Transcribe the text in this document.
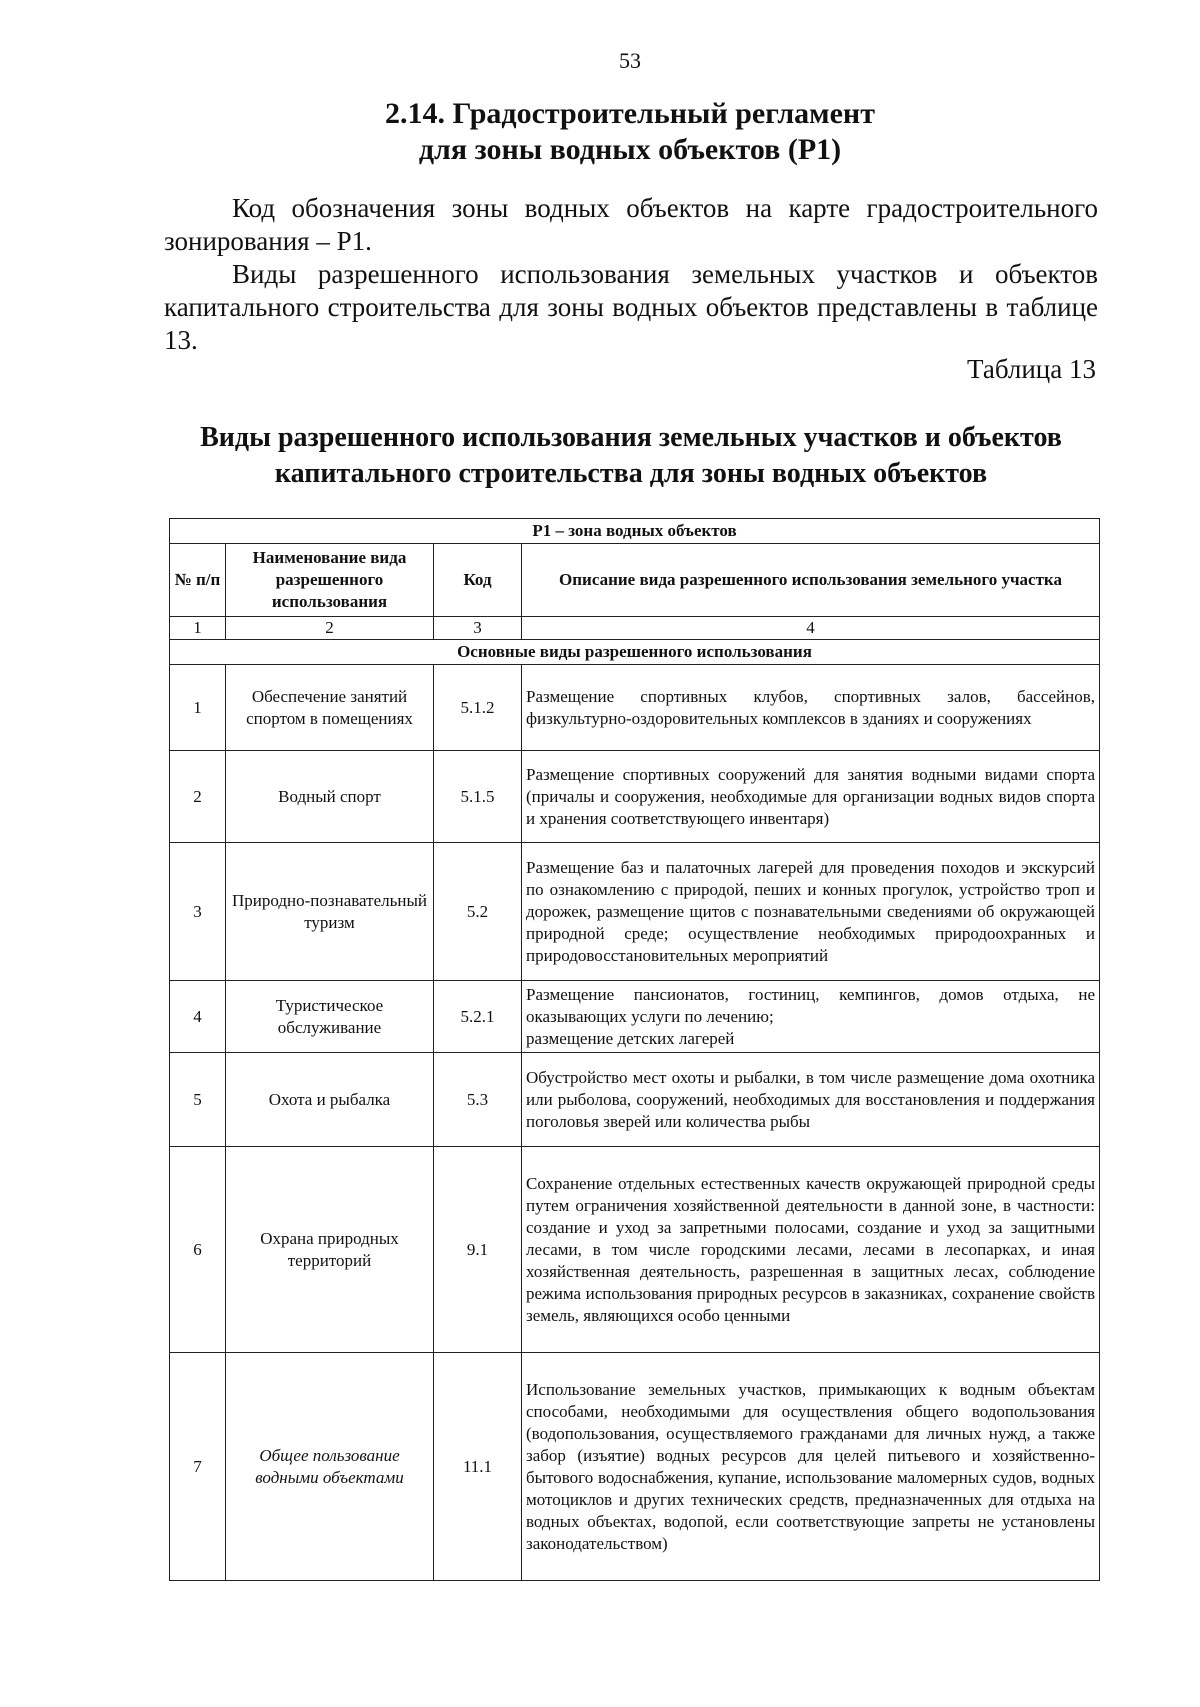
53
2.14. Градостроительный регламент
для зоны водных объектов (Р1)
Код обозначения зоны водных объектов на карте градостроительного зонирования – Р1.
Виды разрешенного использования земельных участков и объектов капитального строительства для зоны водных объектов представлены в таблице 13.
Таблица 13
Виды разрешенного использования земельных участков и объектов
капитального строительства для зоны водных объектов
Р1 – зона водных объектов			
№ п/п	Наименование вида разрешенного использования	Код	Описание вида разрешенного использования земельного участка
1	2	3	4
Основные виды разрешенного использования			
1	Обеспечение занятий спортом в помещениях	5.1.2	Размещение спортивных клубов, спортивных залов, бассейнов, физкультурно-оздоровительных комплексов в зданиях и сооружениях

2	Водный спорт	5.1.5	Размещение спортивных сооружений для занятия водными видами спорта (причалы и сооружения, необходимые для организации водных видов спорта и хранения соответствующего инвентаря)

3	Природно-познавательный туризм	5.2	Размещение баз и палаточных лагерей для проведения походов и экскурсий по ознакомлению с природой, пеших и конных прогулок, устройство троп и дорожек, размещение щитов с познавательными сведениями об окружающей природной среде; осуществление необходимых природоохранных и природовосстановительных мероприятий

4	Туристическое обслуживание	5.2.1	Размещение пансионатов, гостиниц, кемпингов, домов отдыха, не оказывающих услуги по лечению;
размещение детских лагерей

5	Охота и рыбалка	5.3	Обустройство мест охоты и рыбалки, в том числе размещение дома охотника или рыболова, сооружений, необходимых для восстановления и поддержания поголовья зверей или количества рыбы

6	Охрана природных территорий	9.1	Сохранение отдельных естественных качеств окружающей природной среды путем ограничения хозяйственной деятельности в данной зоне, в частности: создание и уход за запретными полосами, создание и уход за защитными лесами, в том числе городскими лесами, лесами в лесопарках, и иная хозяйственная деятельность, разрешенная в защитных лесах, соблюдение режима использования природных ресурсов в заказниках, сохранение свойств земель, являющихся особо ценными

7	Общее пользование водными объектами	11.1	Использование земельных участков, примыкающих к водным объектам способами, необходимыми для осуществления общего водопользования (водопользования, осуществляемого гражданами для личных нужд, а также забор (изъятие) водных ресурсов для целей питьевого и хозяйственно-бытового водоснабжения, купание, использование маломерных судов, водных мотоциклов и других технических средств, предназначенных для отдыха на водных объектах, водопой, если соответствующие запреты не установлены законодательством)
